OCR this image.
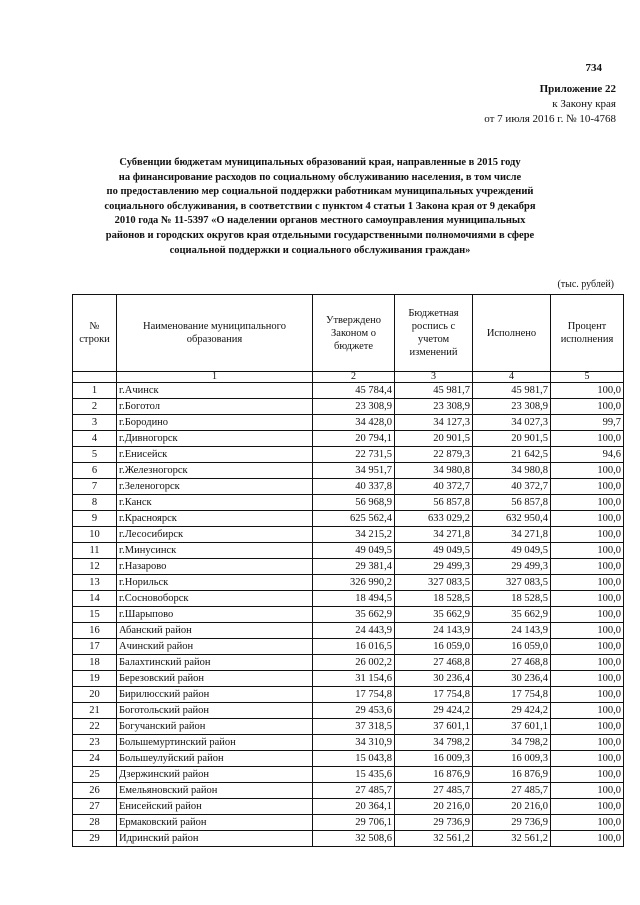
734
Приложение 22
к Закону края
от 7 июля 2016 г. № 10-4768
Субвенции бюджетам муниципальных образований края, направленные в 2015 году
на финансирование расходов по социальному обслуживанию населения, в том числе
по предоставлению мер социальной поддержки работникам муниципальных учреждений
социального обслуживания, в соответствии с пунктом 4 статьи 1 Закона края от 9 декабря
2010 года № 11-5397 «О наделении органов местного самоуправления муниципальных
районов и городских округов края отдельными государственными полномочиями в сфере
социальной поддержки и социального обслуживания граждан»
(тыс. рублей)
№ строки	Наименование муниципального образования	Утверждено Законом о бюджете	Бюджетная роспись с учетом изменений	Исполнено	Процент исполнения
	1	2	3	4	5
1	г.Ачинск	45 784,4	45 981,7	45 981,7	100,0
2	г.Боготол	23 308,9	23 308,9	23 308,9	100,0
3	г.Бородино	34 428,0	34 127,3	34 027,3	99,7
4	г.Дивногорск	20 794,1	20 901,5	20 901,5	100,0
5	г.Енисейск	22 731,5	22 879,3	21 642,5	94,6
6	г.Железногорск	34 951,7	34 980,8	34 980,8	100,0
7	г.Зеленогорск	40 337,8	40 372,7	40 372,7	100,0
8	г.Канск	56 968,9	56 857,8	56 857,8	100,0
9	г.Красноярск	625 562,4	633 029,2	632 950,4	100,0
10	г.Лесосибирск	34 215,2	34 271,8	34 271,8	100,0
11	г.Минусинск	49 049,5	49 049,5	49 049,5	100,0
12	г.Назарово	29 381,4	29 499,3	29 499,3	100,0
13	г.Норильск	326 990,2	327 083,5	327 083,5	100,0
14	г.Сосновоборск	18 494,5	18 528,5	18 528,5	100,0
15	г.Шарыпово	35 662,9	35 662,9	35 662,9	100,0
16	Абанский район	24 443,9	24 143,9	24 143,9	100,0
17	Ачинский район	16 016,5	16 059,0	16 059,0	100,0
18	Балахтинский район	26 002,2	27 468,8	27 468,8	100,0
19	Березовский район	31 154,6	30 236,4	30 236,4	100,0
20	Бирилюсский район	17 754,8	17 754,8	17 754,8	100,0
21	Боготольский район	29 453,6	29 424,2	29 424,2	100,0
22	Богучанский район	37 318,5	37 601,1	37 601,1	100,0
23	Большемуртинский район	34 310,9	34 798,2	34 798,2	100,0
24	Большеулуйский район	15 043,8	16 009,3	16 009,3	100,0
25	Дзержинский район	15 435,6	16 876,9	16 876,9	100,0
26	Емельяновский район	27 485,7	27 485,7	27 485,7	100,0
27	Енисейский район	20 364,1	20 216,0	20 216,0	100,0
28	Ермаковский район	29 706,1	29 736,9	29 736,9	100,0
29	Идринский район	32 508,6	32 561,2	32 561,2	100,0
